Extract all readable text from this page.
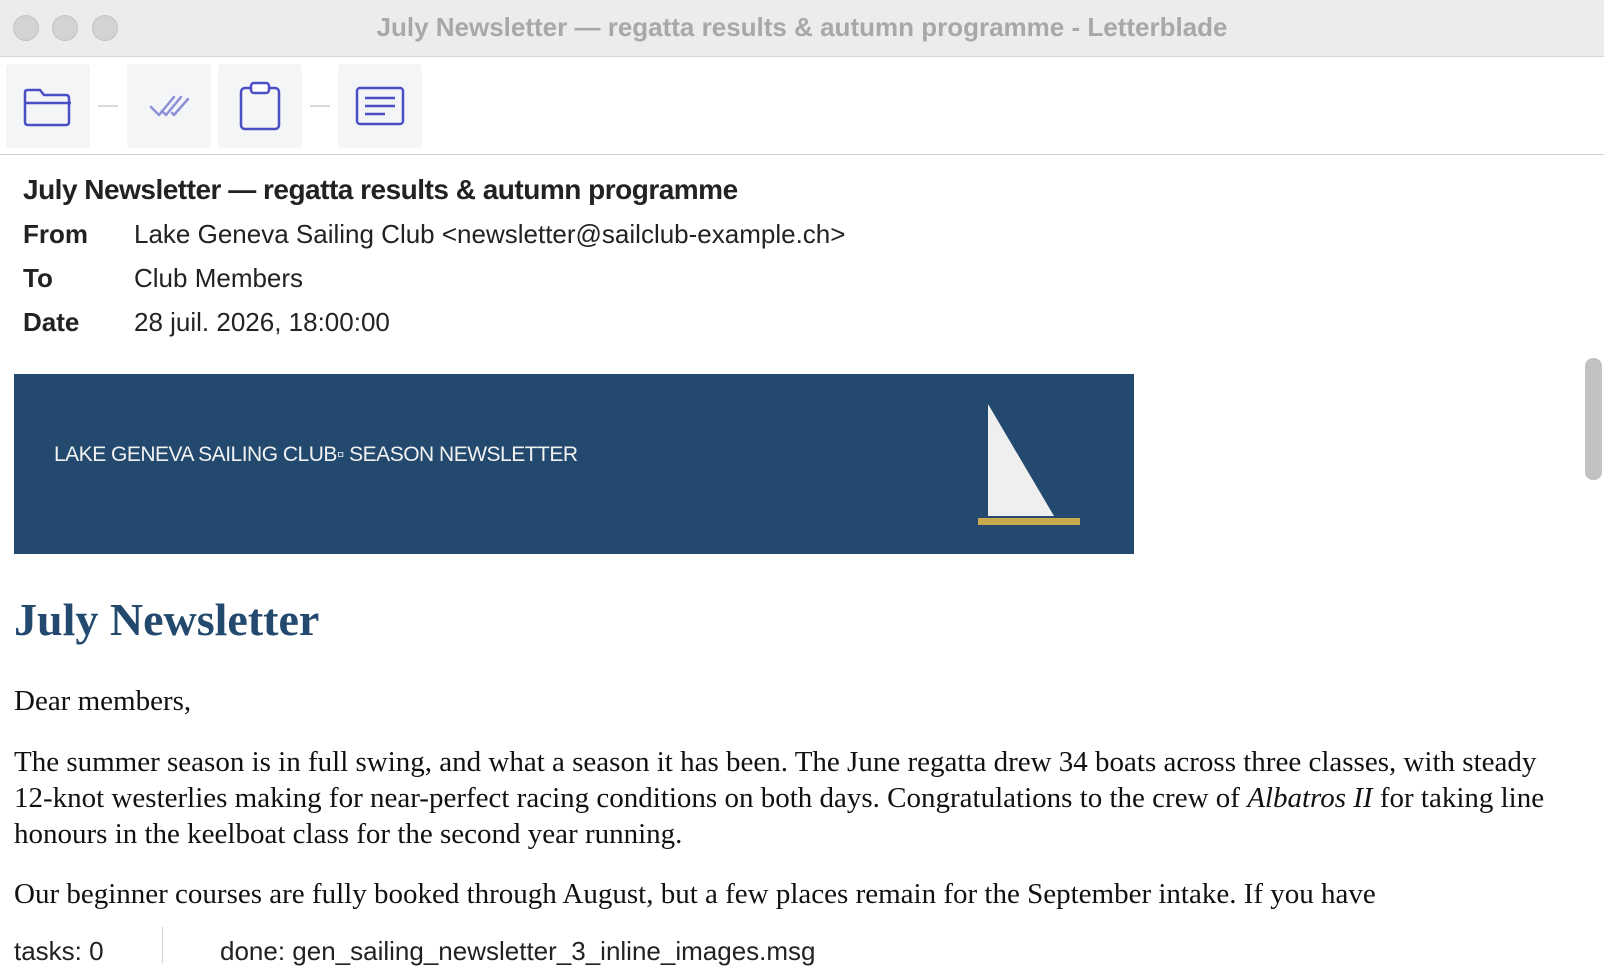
July Newsletter — regatta results & autumn programme - Letterblade
July Newsletter — regatta results & autumn programme
From Lake Geneva Sailing Club <newsletter@sailclub-example.ch>
To	Club Members
Date 28 juil. 2026, 18:00:00
LAKE GENEVA SAILING CLUB▫ SEASON NEWSLETTER
July Newsletter
Dear members,
The summer season is in full swing, and what a season it has been. The June regatta drew 34 boats across three classes, with steady 12-knot westerlies making for near-perfect racing conditions on both days. Congratulations to the crew of Albatros II for taking line honours in the keelboat class for the second year running.
Our beginner courses are fully booked through August, but a few places remain for the September intake. If you have
tasks: 0	done: gen_sailing_newsletter_3_inline_images.msg
